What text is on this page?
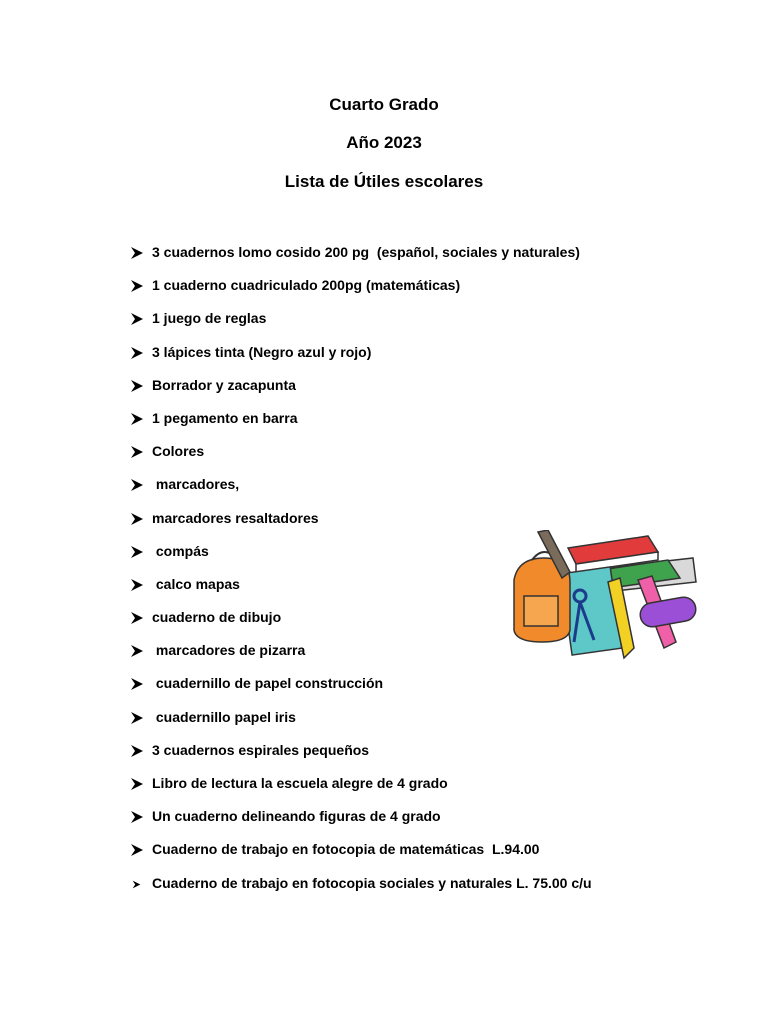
Cuarto Grado
Año 2023
Lista de Útiles escolares
3 cuadernos lomo cosido 200 pg  (español, sociales y naturales)
1 cuaderno cuadriculado 200pg (matemáticas)
1 juego de reglas
3 lápices tinta (Negro azul y rojo)
Borrador y zacapunta
1 pegamento en barra
Colores
marcadores,
marcadores resaltadores
compás
calco mapas
cuaderno de dibujo
marcadores de pizarra
cuadernillo de papel construcción
cuadernillo papel iris
3 cuadernos espirales pequeños
Libro de lectura la escuela alegre de 4 grado
Un cuaderno delineando figuras de 4 grado
Cuaderno de trabajo en fotocopia de matemáticas  L.94.00
Cuaderno de trabajo en fotocopia sociales y naturales L. 75.00 c/u
